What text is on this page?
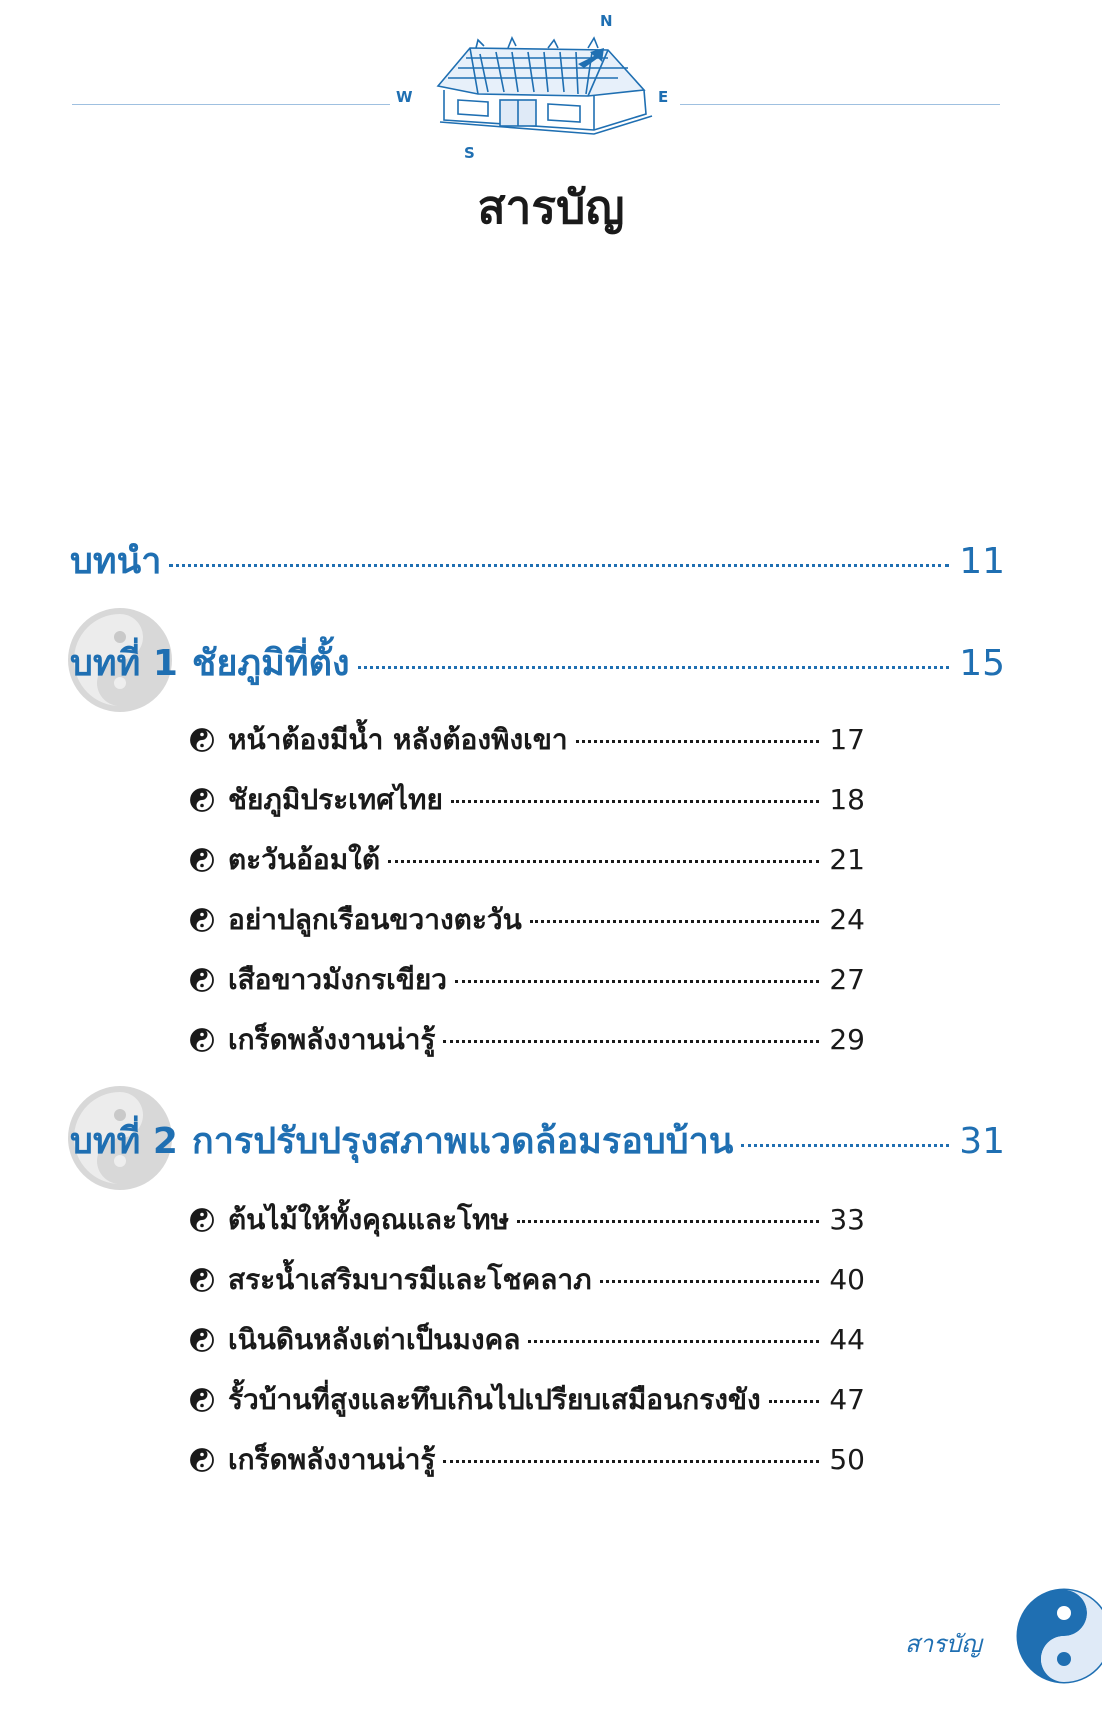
N
W	E
S
สารบัญ
บทนำ	11
บทที่ 1 ชัยภูมิที่ตั้ง	15
หน้าต้องมีน้ำ หลังต้องพิงเขา	17
ชัยภูมิประเทศไทย	18
ตะวันอ้อมใต้	21
อย่าปลูกเรือนขวางตะวัน	24
เสือขาวมังกรเขียว	27
เกร็ดพลังงานน่ารู้	29
บทที่ 2 การปรับปรุงสภาพแวดล้อมรอบบ้าน	31
ต้นไม้ให้ทั้งคุณและโทษ	33
สระน้ำเสริมบารมีและโชคลาภ	40
เนินดินหลังเต่าเป็นมงคล	44
รั้วบ้านที่สูงและทึบเกินไปเปรียบเสมือนกรงขัง 47
เกร็ดพลังงานน่ารู้	50
สารบัญ
